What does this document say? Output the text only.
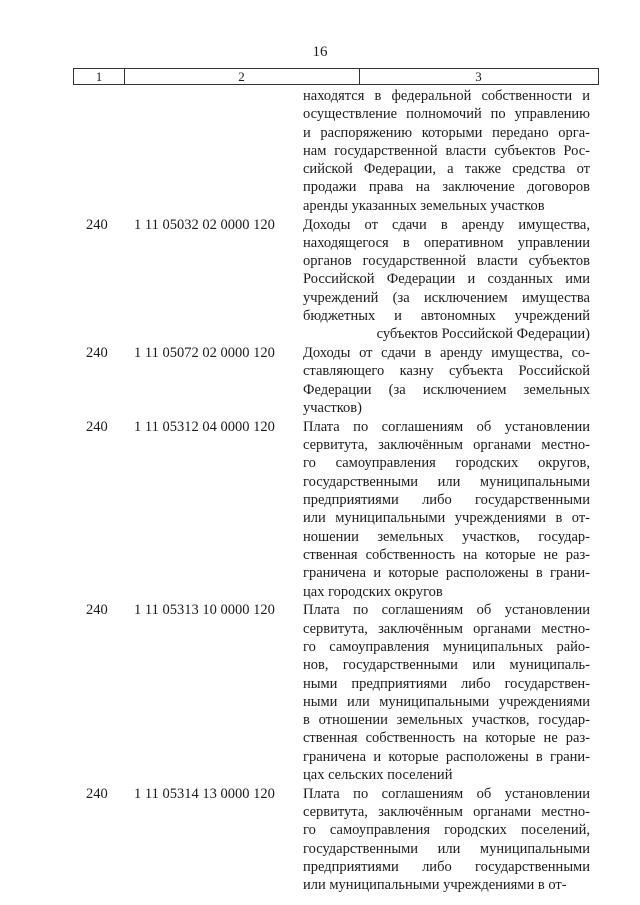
16
1	2	3
находятся в федеральной собственности и
осуществление полномочий по управлению
и распоряжению которыми передано орга-
нам государственной власти субъектов Рос-
сийской Федерации, а также средства от
продажи права на заключение договоров
аренды указанных земельных участков
240	1 11 05032 02 0000 120	Доходы от сдачи в аренду имущества,
находящегося в оперативном управлении
органов государственной власти субъектов
Российской Федерации и созданных ими
учреждений (за исключением имущества
бюджетных и автономных учреждений
субъектов Российской Федерации)
240	1 11 05072 02 0000 120	Доходы от сдачи в аренду имущества, со-
ставляющего казну субъекта Российской
Федерации (за исключением земельных
участков)
240	1 11 05312 04 0000 120	Плата по соглашениям об установлении
сервитута, заключённым органами местно-
го самоуправления городских округов,
государственными или муниципальными
предприятиями либо государственными
или муниципальными учреждениями в от-
ношении земельных участков, государ-
ственная собственность на которые не раз-
граничена и которые расположены в грани-
цах городских округов
240	1 11 05313 10 0000 120	Плата по соглашениям об установлении
сервитута, заключённым органами местно-
го самоуправления муниципальных райо-
нов, государственными или муниципаль-
ными предприятиями либо государствен-
ными или муниципальными учреждениями
в отношении земельных участков, государ-
ственная собственность на которые не раз-
граничена и которые расположены в грани-
цах сельских поселений
240	1 11 05314 13 0000 120	Плата по соглашениям об установлении
сервитута, заключённым органами местно-
го самоуправления городских поселений,
государственными или муниципальными
предприятиями либо государственными
или муниципальными учреждениями в от-
